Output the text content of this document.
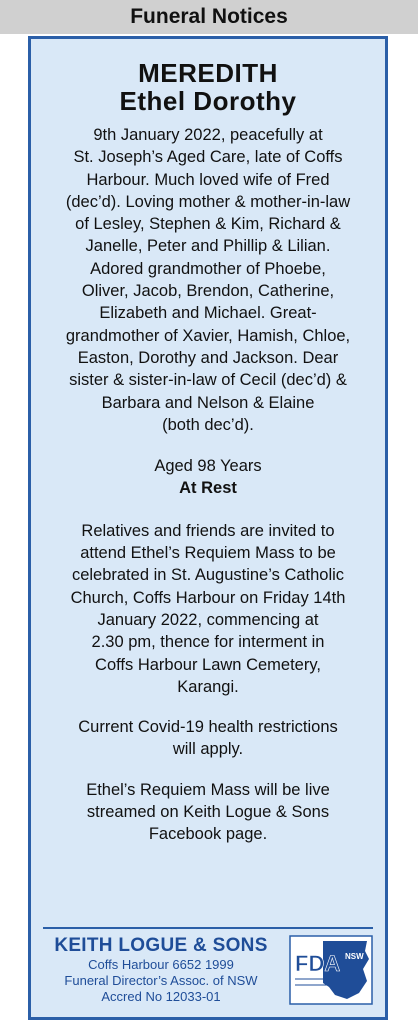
Funeral Notices
MEREDITH
Ethel Dorothy
9th January 2022, peacefully at
St. Joseph’s Aged Care, late of Coffs
Harbour. Much loved wife of Fred
(dec’d). Loving mother & mother-in-law
of Lesley, Stephen & Kim, Richard &
Janelle, Peter and Phillip & Lilian.
Adored grandmother of Phoebe,
Oliver, Jacob, Brendon, Catherine,
Elizabeth and Michael. Great-
grandmother of Xavier, Hamish, Chloe,
Easton, Dorothy and Jackson. Dear
sister & sister-in-law of Cecil (dec’d) &
Barbara and Nelson & Elaine
(both dec’d).
Aged 98 Years
At Rest
Relatives and friends are invited to
attend Ethel’s Requiem Mass to be
celebrated in St. Augustine’s Catholic
Church, Coffs Harbour on Friday 14th
January 2022, commencing at
2.30 pm, thence for interment in
Coffs Harbour Lawn Cemetery,
Karangi.
Current Covid-19 health restrictions
will apply.
Ethel’s Requiem Mass will be live
streamed on Keith Logue & Sons
Facebook page.
KEITH LOGUE & SONS
Coffs Harbour 6652 1999
Funeral Director’s Assoc. of NSW
Accred No 12033-01
FDA NSW
